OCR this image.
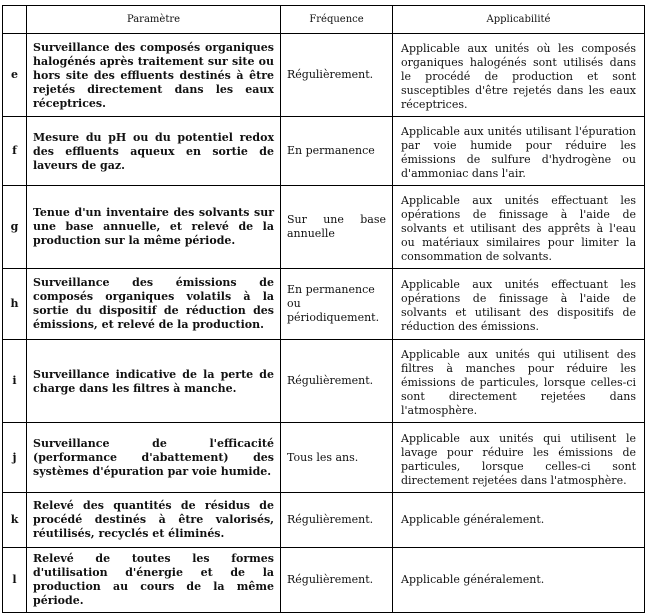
	Paramètre	Fréquence	Applicabilité
e	Surveillance des composés organiques halogénés après traitement sur site ou hors site des effluents destinés à être rejetés directement dans les eaux réceptrices.	Régulièrement.	Applicable aux unités où les composés organiques halogénés sont utilisés dans le procédé de production et sont susceptibles d'être rejetés dans les eaux réceptrices.
f	Mesure du pH ou du potentiel redox des effluents aqueux en sortie de laveurs de gaz.	En permanence	Applicable aux unités utilisant l'épuration par voie humide pour réduire les émissions de sulfure d'hydrogène ou d'ammoniac dans l'air.
g	Tenue d'un inventaire des solvants sur une base annuelle, et relevé de la production sur la même période.	Sur une base annuelle	Applicable aux unités effectuant les opérations de finissage à l'aide de solvants et utilisant des apprêts à l'eau ou matériaux similaires pour limiter la consommation de solvants.
h	Surveillance des émissions de composés organiques volatils à la sortie du dispositif de réduction des émissions, et relevé de la production.	En permanence ou périodiquement.	Applicable aux unités effectuant les opérations de finissage à l'aide de solvants et utilisant des dispositifs de réduction des émissions.
i	Surveillance indicative de la perte de charge dans les filtres à manche.	Régulièrement.	Applicable aux unités qui utilisent des filtres à manches pour réduire les émissions de particules, lorsque celles-ci sont directement rejetées dans l'atmosphère.
j	Surveillance de l'efficacité (performance d'abattement) des systèmes d'épuration par voie humide.	Tous les ans.	Applicable aux unités qui utilisent le lavage pour réduire les émissions de particules, lorsque celles-ci sont directement rejetées dans l'atmosphère.
k	Relevé des quantités de résidus de procédé destinés à être valorisés, réutilisés, recyclés et éliminés.	Régulièrement.	Applicable généralement.
l	Relevé de toutes les formes d'utilisation d'énergie et de la production au cours de la même période.	Régulièrement.	Applicable généralement.
